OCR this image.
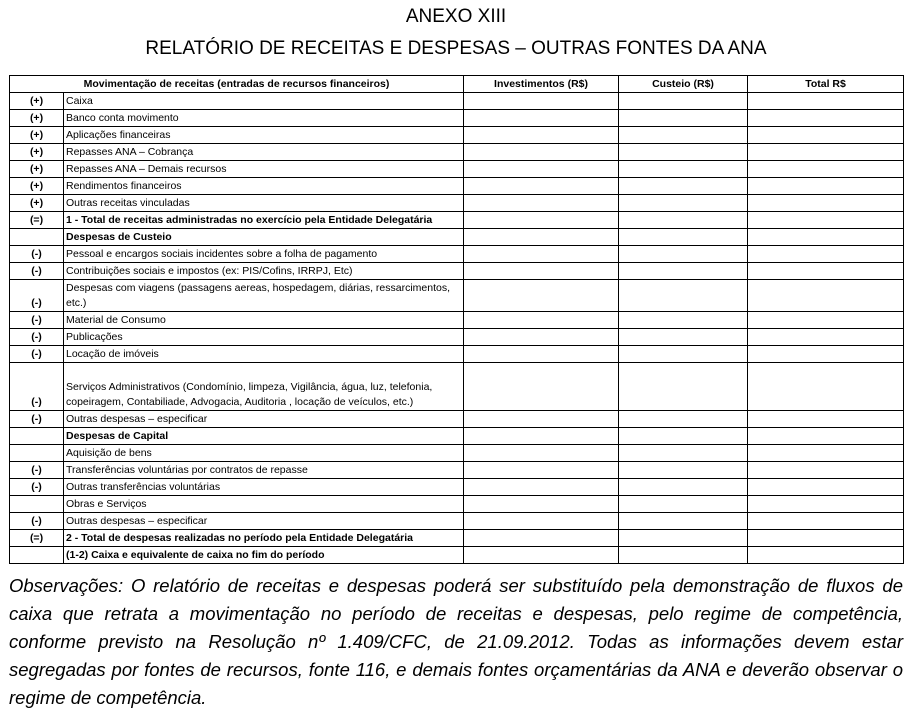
ANEXO XIII
RELATÓRIO DE RECEITAS E DESPESAS – OUTRAS FONTES DA ANA
Movimentação de receitas (entradas de recursos financeiros)		Investimentos (R$)	Custeio (R$)	Total R$
(+)	Caixa			
(+)	Banco conta movimento			
(+)	Aplicações financeiras			
(+)	Repasses ANA – Cobrança			
(+)	Repasses ANA – Demais recursos			
(+)	Rendimentos financeiros			
(+)	Outras receitas vinculadas			
(=)	1 - Total de receitas administradas no exercício pela Entidade Delegatária			
	Despesas de Custeio			
(-)	Pessoal e encargos sociais incidentes sobre a folha de pagamento			
(-)	Contribuições sociais e impostos (ex: PIS/Cofins, IRRPJ, Etc)			
(-)	Despesas com viagens (passagens aereas, hospedagem, diárias, ressarcimentos, etc.)			
(-)	Material de Consumo			
(-)	Publicações			
(-)	Locação de imóveis			
(-)	Serviços Administrativos (Condomínio, limpeza, Vigilância, água, luz, telefonia, copeiragem, Contabiliade, Advogacia, Auditoria , locação de veículos, etc.)			
(-)	Outras despesas – especificar			
	Despesas de Capital			
	Aquisição de bens			
(-)	Transferências voluntárias por contratos de repasse			
(-)	Outras transferências voluntárias			
	Obras e Serviços			
(-)	Outras despesas – especificar			
(=)	2 - Total de despesas realizadas no período pela Entidade Delegatária			
	(1-2) Caixa e equivalente de caixa no fim do período			
Observações: O relatório de receitas e despesas poderá ser substituído pela demonstração de fluxos de caixa que retrata a movimentação no período de receitas e despesas, pelo regime de competência, conforme previsto na Resolução nº 1.409/CFC, de 21.09.2012. Todas as informações devem estar segregadas por fontes de recursos, fonte 116, e demais fontes orçamentárias da ANA e deverão observar o regime de competência.
